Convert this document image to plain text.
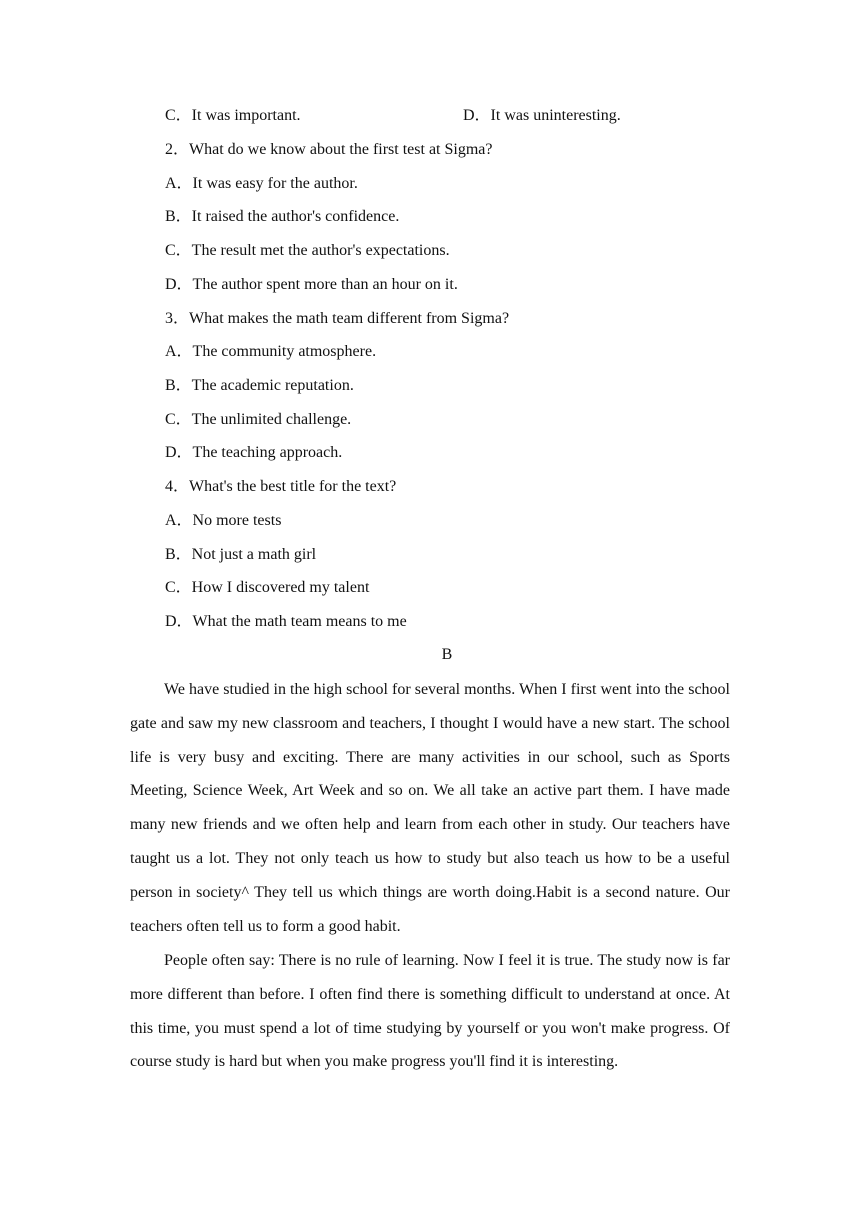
C．It was important.	D．It was uninteresting.
2．What do we know about the first test at Sigma?
A．It was easy for the author.
B．It raised the author's confidence.
C．The result met the author's expectations.
D．The author spent more than an hour on it.
3．What makes the math team different from Sigma?
A．The community atmosphere.
B．The academic reputation.
C．The unlimited challenge.
D．The teaching approach.
4．What's the best title for the text?
A．No more tests
B．Not just a math girl
C．How I discovered my talent
D．What the math team means to me
B

We have studied in the high school for several months. When I first went into the school gate and saw my new classroom and teachers, I thought I would have a new start. The school life is very busy and exciting. There are many activities in our school, such as Sports Meeting, Science Week, Art Week and so on. We all take an active part them. I have made many new friends and we often help and learn from each other in study. Our teachers have taught us a lot. They not only teach us how to study but also teach us how to be a useful person in society^ They tell us which things are worth doing.Habit is a second nature. Our teachers often tell us to form a good habit.

People often say: There is no rule of learning. Now I feel it is true. The study now is far more different than before. I often find there is something difficult to understand at once. At this time, you must spend a lot of time studying by yourself or you won't make progress. Of course study is hard but when you make progress you'll find it is interesting.
